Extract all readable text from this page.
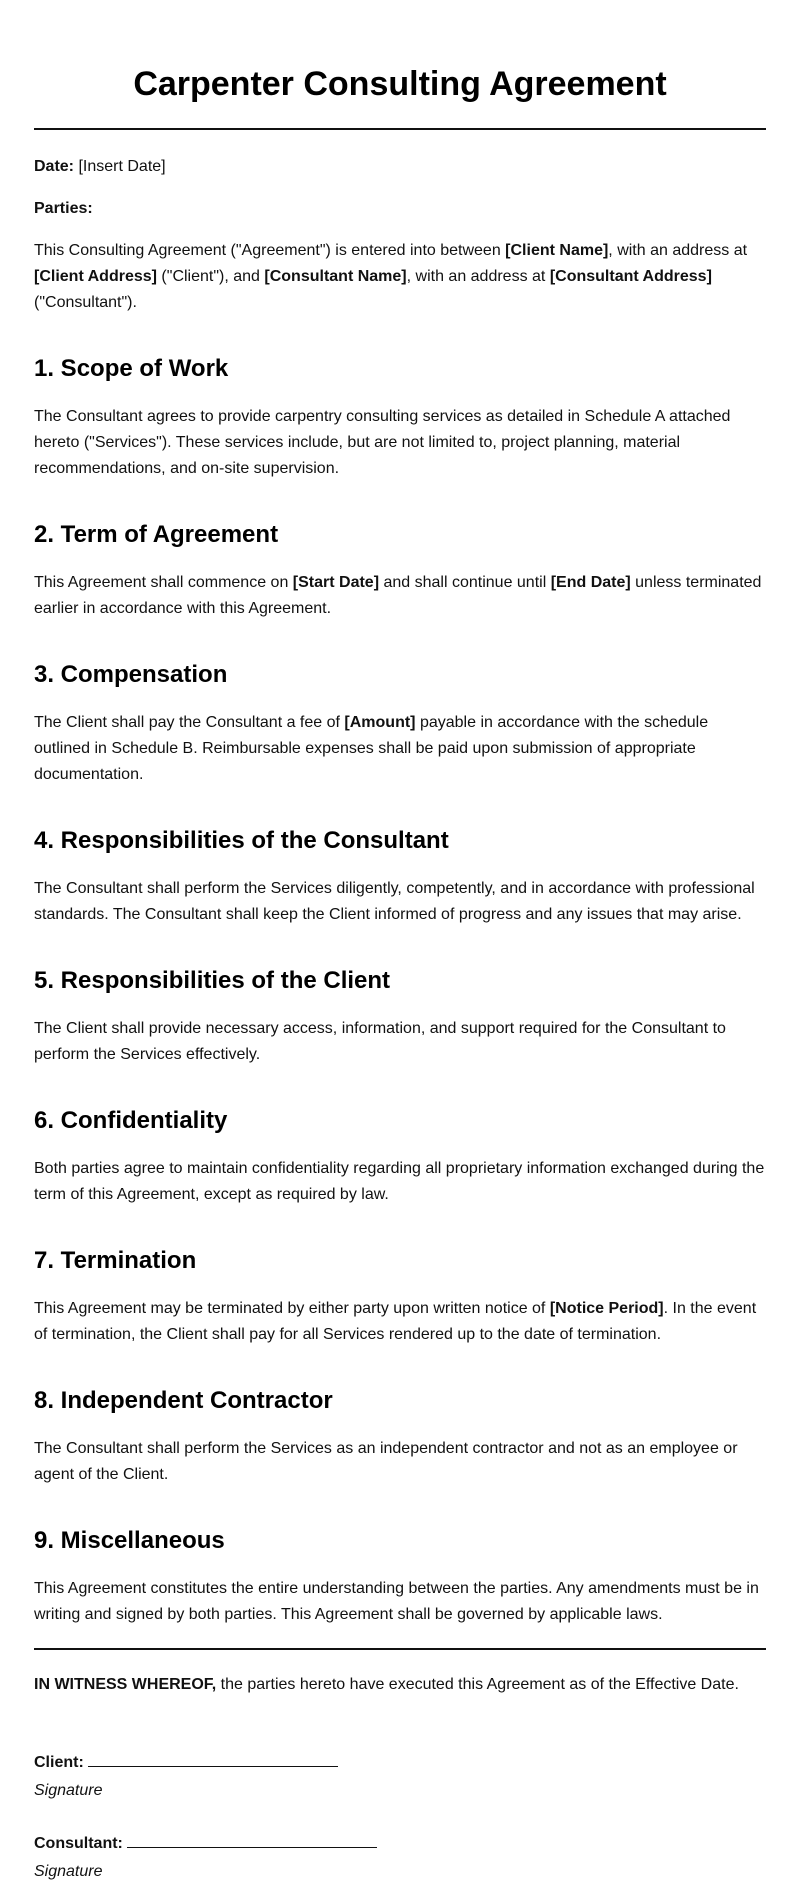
Carpenter Consulting Agreement

Date: [Insert Date]

Parties:

This Consulting Agreement ("Agreement") is entered into between [Client Name], with an address at [Client Address] ("Client"), and [Consultant Name], with an address at [Consultant Address] ("Consultant").

1. Scope of Work

The Consultant agrees to provide carpentry consulting services as detailed in Schedule A attached hereto ("Services"). These services include, but are not limited to, project planning, material recommendations, and on-site supervision.

2. Term of Agreement

This Agreement shall commence on [Start Date] and shall continue until [End Date] unless terminated earlier in accordance with this Agreement.

3. Compensation

The Client shall pay the Consultant a fee of [Amount] payable in accordance with the schedule outlined in Schedule B. Reimbursable expenses shall be paid upon submission of appropriate documentation.

4. Responsibilities of the Consultant

The Consultant shall perform the Services diligently, competently, and in accordance with professional standards. The Consultant shall keep the Client informed of progress and any issues that may arise.

5. Responsibilities of the Client

The Client shall provide necessary access, information, and support required for the Consultant to perform the Services effectively.

6. Confidentiality

Both parties agree to maintain confidentiality regarding all proprietary information exchanged during the term of this Agreement, except as required by law.

7. Termination

This Agreement may be terminated by either party upon written notice of [Notice Period]. In the event of termination, the Client shall pay for all Services rendered up to the date of termination.

8. Independent Contractor

The Consultant shall perform the Services as an independent contractor and not as an employee or agent of the Client.

9. Miscellaneous

This Agreement constitutes the entire understanding between the parties. Any amendments must be in writing and signed by both parties. This Agreement shall be governed by applicable laws.

IN WITNESS WHEREOF, the parties hereto have executed this Agreement as of the Effective Date.

Client:
Signature
Consultant:
Signature
